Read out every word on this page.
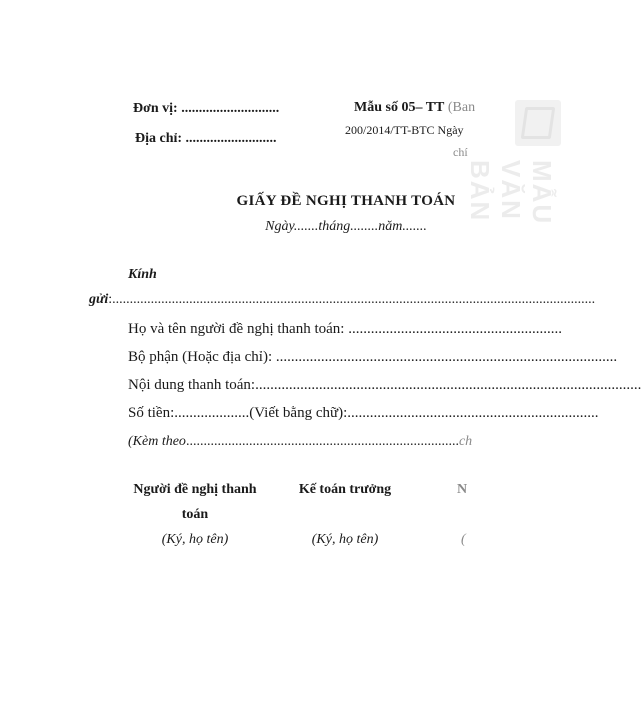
Đơn vị: ............................
Địa chỉ: ..........................
Mẫu số 05– TT (Ban
200/2014/TT-BTC Ngày
chí
GIẤY ĐỀ NGHỊ THANH TOÁN
Ngày.......tháng........năm.......
Kính
gửi:..........................................................................................................................................
Họ và tên người đề nghị thanh toán: .........................................................
Bộ phận (Hoặc địa chỉ): ...........................................................................................
Nội dung thanh toán:.......................................................................................................
Số tiền:....................(Viết bằng chữ):...................................................................
(Kèm theo..............................................................................ch
Người đề nghị thanh
toán
(Ký, họ tên)
Kế toán trưởng
(Ký, họ tên)
N
(
MẪU VĂN BẢN
